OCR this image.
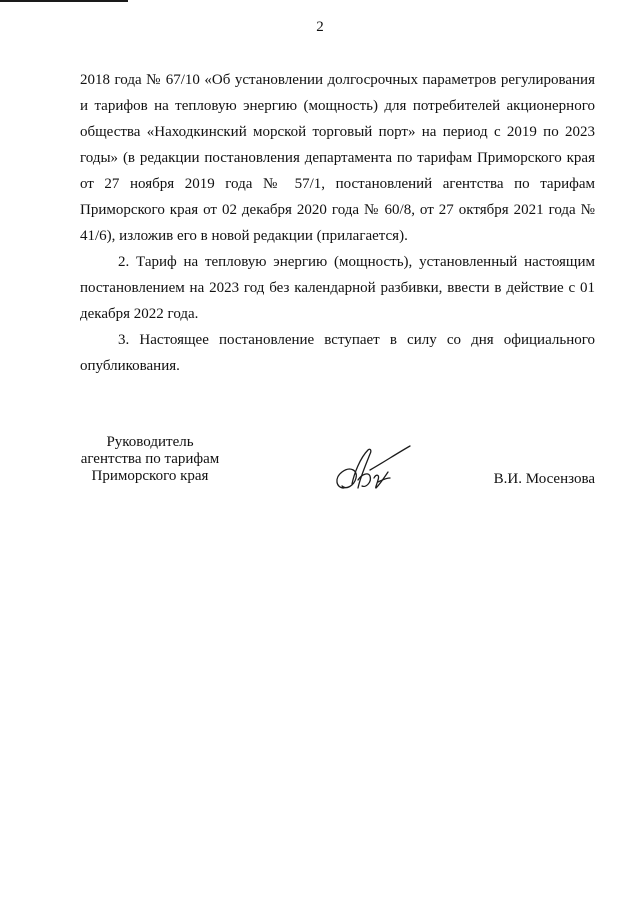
2

2018 года № 67/10 «Об установлении долгосрочных параметров регулирования и тарифов на тепловую энергию (мощность) для потребителей акционерного общества «Находкинский морской торговый порт» на период с 2019 по 2023 годы» (в редакции постановления департамента по тарифам Приморского края от 27 ноября 2019 года № 57/1, постановлений агентства по тарифам Приморского края от 02 декабря 2020 года № 60/8, от 27 октября 2021 года № 41/6), изложив его в новой редакции (прилагается).

2. Тариф на тепловую энергию (мощность), установленный настоящим постановлением на 2023 год без календарной разбивки, ввести в действие с 01 декабря 2022 года.

3. Настоящее постановление вступает в силу со дня официального опубликования.

Руководитель
агентства по тарифам
Приморского края	В.И. Мосензова
